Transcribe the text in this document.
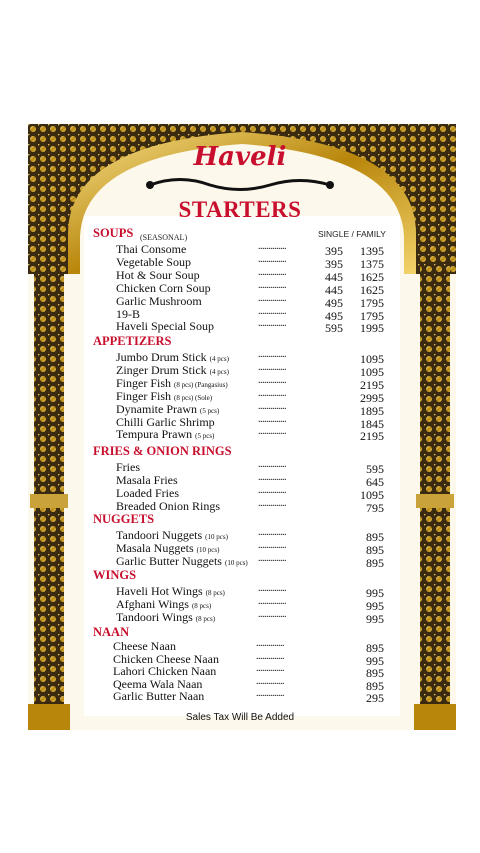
Haveli
STARTERS
SINGLE / FAMILY
SOUPS (SEASONAL)
Thai Consome	..............	395	1395
Vegetable Soup	..............	395	1375
Hot & Sour Soup	..............	445	1625
Chicken Corn Soup	..............	445	1625
Garlic Mushroom	..............	495	1795
19-B	..............	495	1795
Haveli Special Soup	..............	595	1995
APPETIZERS
Jumbo Drum Stick (4 pcs)	..............	1095
Zinger Drum Stick (4 pcs)	..............	1095
Finger Fish (8 pcs) (Pangasius)	..............	2195
Finger Fish (8 pcs) (Sole)	..............	2995
Dynamite Prawn (5 pcs)	..............	1895
Chilli Garlic Shrimp	..............	1845
Tempura Prawn (5 pcs)	..............	2195
FRIES & ONION RINGS
Fries	..............	595
Masala Fries	..............	645
Loaded Fries	..............	1095
Breaded Onion Rings	..............	795
NUGGETS
Tandoori Nuggets (10 pcs)	..............	895
Masala Nuggets (10 pcs)	..............	895
Garlic Butter Nuggets (10 pcs) ..............	895
WINGS
Haveli Hot Wings (8 pcs)	..............	995
Afghani Wings (8 pcs)	..............	995
Tandoori Wings (8 pcs)	..............	995
NAAN
Cheese Naan	..............	895
Chicken Cheese Naan	..............	995
Lahori Chicken Naan	..............	895
Qeema Wala Naan	..............	895
Garlic Butter Naan	..............	295
Sales Tax Will Be Added
